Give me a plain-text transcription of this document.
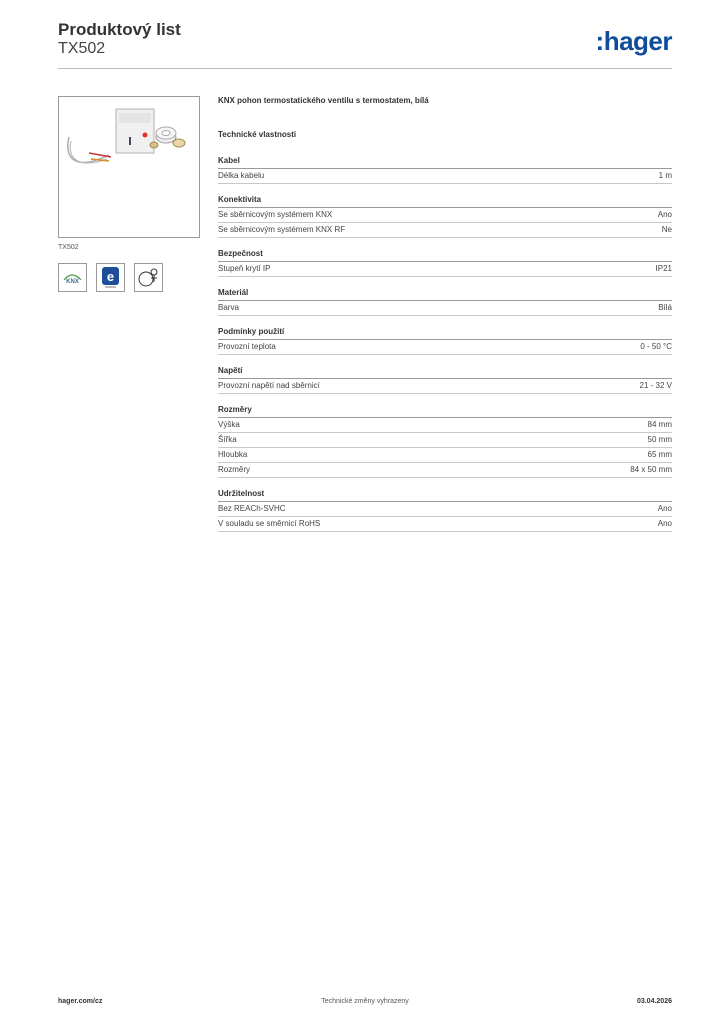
Produktový list
TX502	:hager
TX502
KNX e
KNX pohon termostatického ventilu s termostatem, bílá
Technické vlastnosti
Kabel
Délka kabelu	1 m
Konektivita
Se sběrnicovým systémem KNX	Ano
Se sběrnicovým systémem KNX RF	Ne
Bezpečnost
Stupeň krytí IP	IP21
Materiál
Barva	Bílá
Podmínky použití
Provozní teplota	0 - 50 °C
Napětí
Provozní napětí nad sběrnicí	21 - 32 V
Rozměry
Výška	84 mm
Šířka	50 mm
Hloubka	65 mm
Rozměry	84 x 50 mm
Udržitelnost
Bez REACh-SVHC	Ano
V souladu se směrnicí RoHS	Ano
hager.com/cz	Technické změny vyhrazeny	03.04.2026
